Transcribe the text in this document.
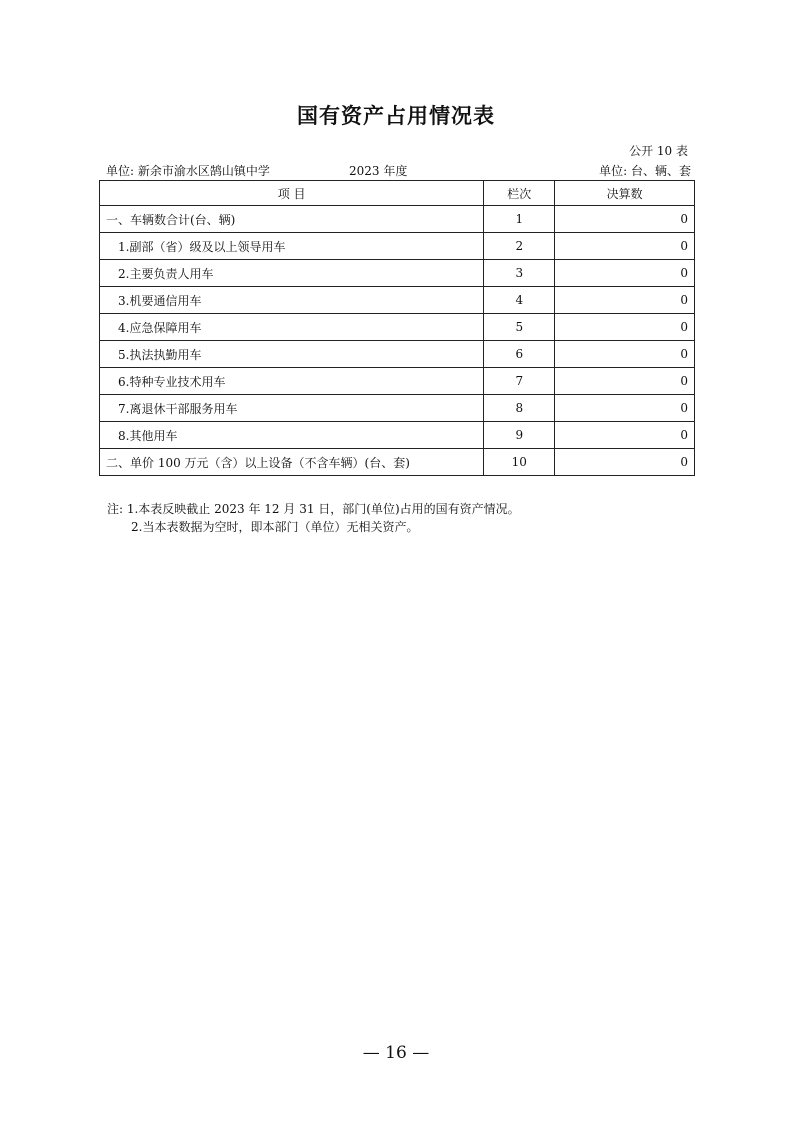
国有资产占用情况表
公开 10 表
单位: 新余市渝水区鹄山镇中学	2023 年度	单位: 台、辆、套
项 目	栏次	决算数
一、车辆数合计(台、辆)	1	0
1.副部（省）级及以上领导用车	2	0
2.主要负责人用车	3	0
3.机要通信用车	4	0
4.应急保障用车	5	0
5.执法执勤用车	6	0
6.特种专业技术用车	7	0
7.离退休干部服务用车	8	0
8.其他用车	9	0
二、单价 100 万元（含）以上设备（不含车辆）(台、套)	10	0
注: 1.本表反映截止 2023 年 12 月 31 日，部门(单位)占用的国有资产情况。
2.当本表数据为空时，即本部门（单位）无相关资产。
— 16 —
